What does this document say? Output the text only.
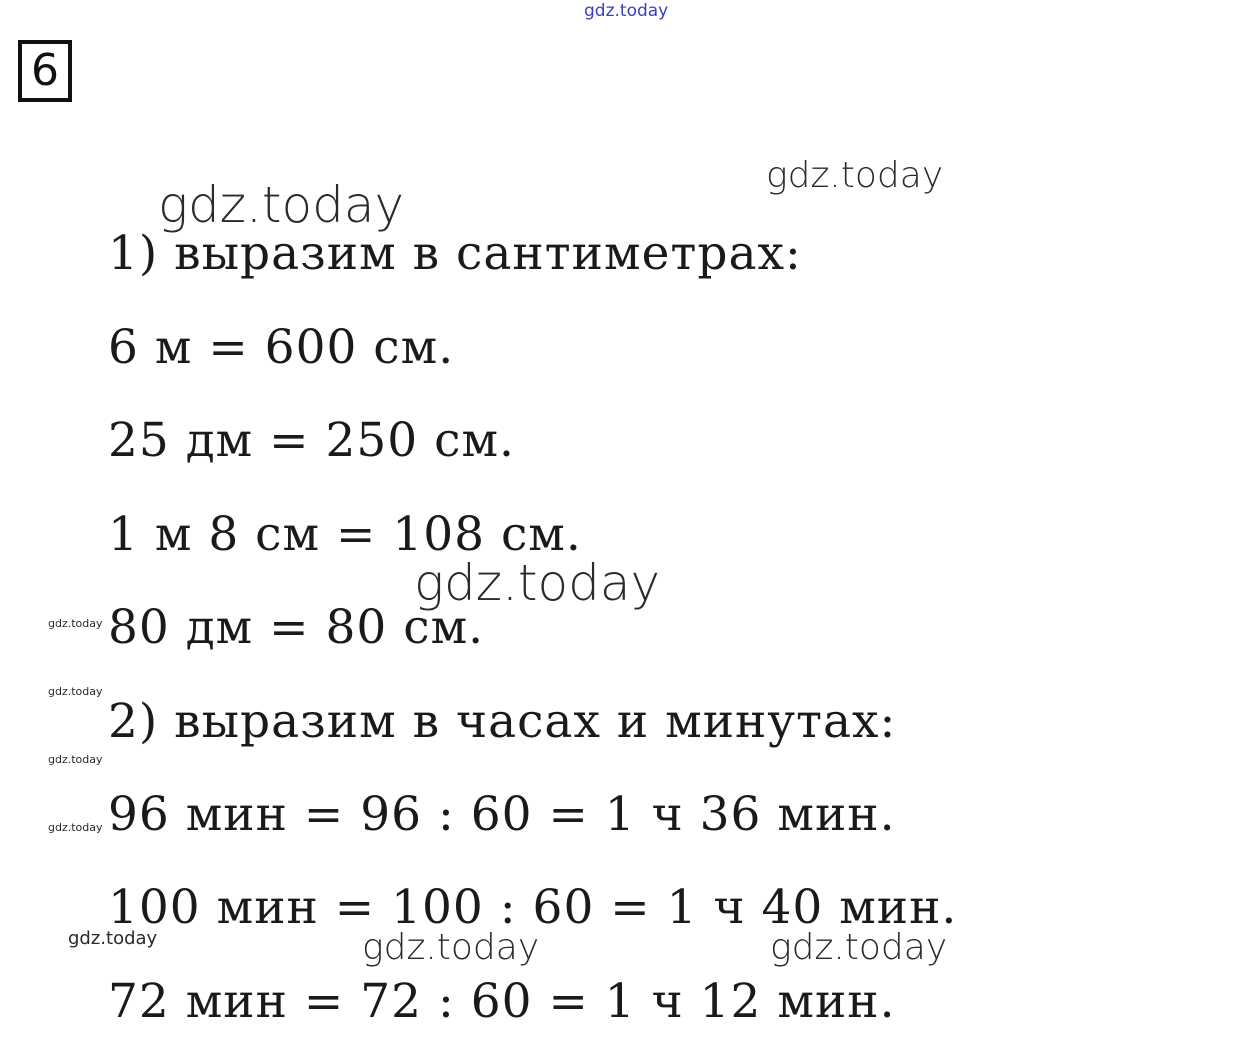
gdz.today
6
1) выразим в сантиметрах:
6 м = 600 см.
25 дм = 250 см.
1 м 8 см = 108 см.
80 дм = 80 см.
2) выразим в часах и минутах:
96 мин = 96 : 60 = 1 ч 36 мин.
100 мин = 100 : 60 = 1 ч 40 мин.
72 мин = 72 : 60 = 1 ч 12 мин.
gdz.today
gdz.today
gdz.today
gdz.today	gdz.today
gdz.today
gdz.today
gdz.today
gdz.today
gdz.today
